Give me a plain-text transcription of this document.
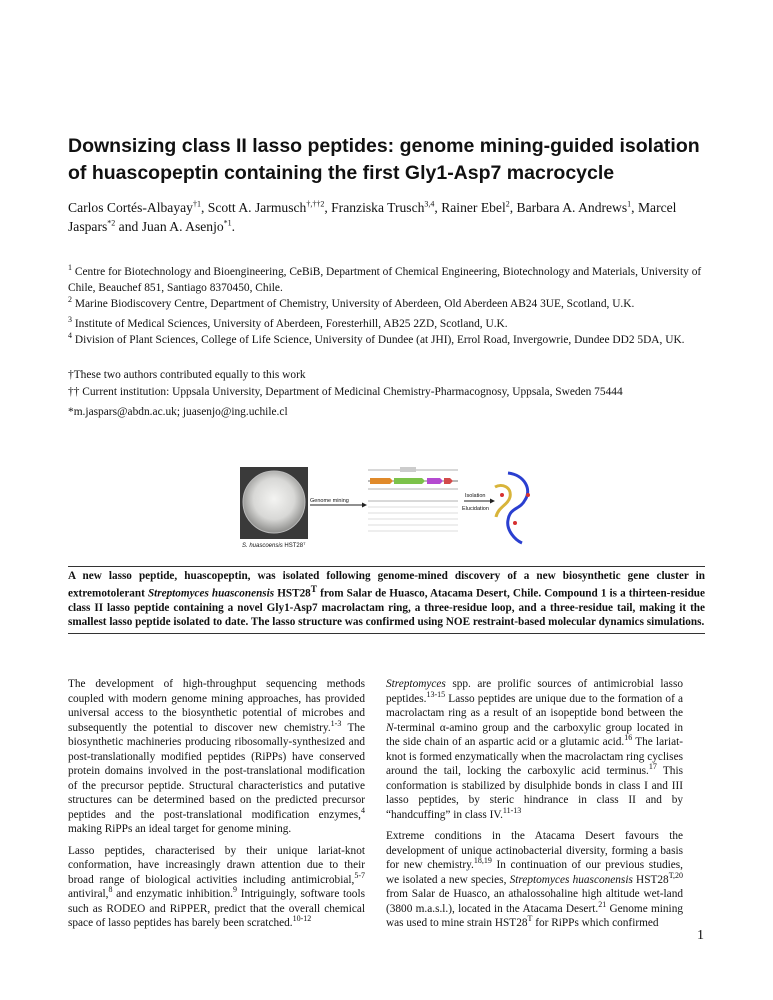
Downsizing class II lasso peptides: genome mining-guided isolation of huascopeptin containing the first Gly1-Asp7 macrocycle
Carlos Cortés-Albayay$^{\dagger 1}$, Scott A. Jarmusch$^{\dagger,\dagger\dagger 2}$, Franziska Trusch$^{3,4}$, Rainer Ebel$^2$, Barbara A. Andrews$^1$, Marcel Jaspars$^{*2}$ and Juan A. Asenjo$^{*1}$.
$^1$ Centre for Biotechnology and Bioengineering, CeBiB, Department of Chemical Engineering, Biotechnology and Materials, University of Chile, Beauchef 851, Santiago 8370450, Chile.
$^2$ Marine Biodiscovery Centre, Department of Chemistry, University of Aberdeen, Old Aberdeen AB24 3UE, Scotland, U.K.
$^3$ Institute of Medical Sciences, University of Aberdeen, Foresterhill, AB25 2ZD, Scotland, U.K.
$^4$ Division of Plant Sciences, College of Life Science, University of Dundee (at JHI), Errol Road, Invergowrie, Dundee DD2 5DA, UK.
†These two authors contributed equally to this work
†† Current institution: Uppsala University, Department of Medicinal Chemistry-Pharmacognosy, Uppsala, Sweden 75444
*m.jaspars@abdn.ac.uk; juasenjo@ing.uchile.cl
S. huascoensis $HST28^T$
Genome mining
Isolation
Elucidation
A new lasso peptide, huascopeptin, was isolated following genome-mined discovery of a new biosynthetic gene cluster in extremotolerant Streptomyces huasconensis $HST28^T$ from Salar de Huasco, Atacama Desert, Chile. Compound 1 is a thirteen-residue class II lasso peptide containing a novel Gly1-Asp7 macrolactam ring, a three-residue loop, and a three-residue tail, making it the smallest lasso peptide isolated to date. The lasso structure was confirmed using NOE restraint-based molecular dynamics simulations.

The development of high-throughput sequencing methods coupled with modern genome mining approaches, has provided universal access to the biosynthetic potential of microbes and subsequently the potential to discover new chemistry.$^{1-3}$ The biosynthetic machineries producing ribosomally-synthesized and post-translationally modified peptides (RiPPs) have conserved protein domains involved in the post-translational modification of the precursor peptide. Structural characteristics and putative structures can be determined based on the predicted precursor peptides and the post-translational modification enzymes,$^4$ making RiPPs an ideal target for genome mining.

Lasso peptides, characterised by their unique lariat-knot conformation, have increasingly drawn attention due to their broad range of biological activities including antimicrobial,$^{5-7}$ antiviral,$^8$ and enzymatic inhibition.$^9$ Intriguingly, software tools such as RODEO and RiPPER, predict that the overall chemical space of lasso peptides has barely been scratched.$^{10-12}$

Streptomyces spp. are prolific sources of antimicrobial lasso peptides.$^{13-15}$ Lasso peptides are unique due to the formation of a macrolactam ring as a result of an isopeptide bond between the N-terminal α-amino group and the carboxylic group located in the side chain of an aspartic acid or a glutamic acid.$^{16}$ The lariat-knot is formed enzymatically when the macrolactam ring cyclises around the tail, locking the carboxylic acid terminus.$^{17}$ This conformation is stabilized by disulphide bonds in class I and III lasso peptides, by steric hindrance in class II and by “handcuffing” in class IV.$^{11-13}$

Extreme conditions in the Atacama Desert favours the development of unique actinobacterial diversity, forming a basis for new chemistry.$^{18,19}$ In continuation of our previous studies, we isolated a new species, Streptomyces huasconensis $HST28^{T,20}$ from Salar de Huasco, an athalossohaline high altitude wet-land (3800 m.a.s.l.), located in the Atacama Desert.$^{21}$ Genome mining was used to mine strain $HST28^T$ for RiPPs which confirmed

1
